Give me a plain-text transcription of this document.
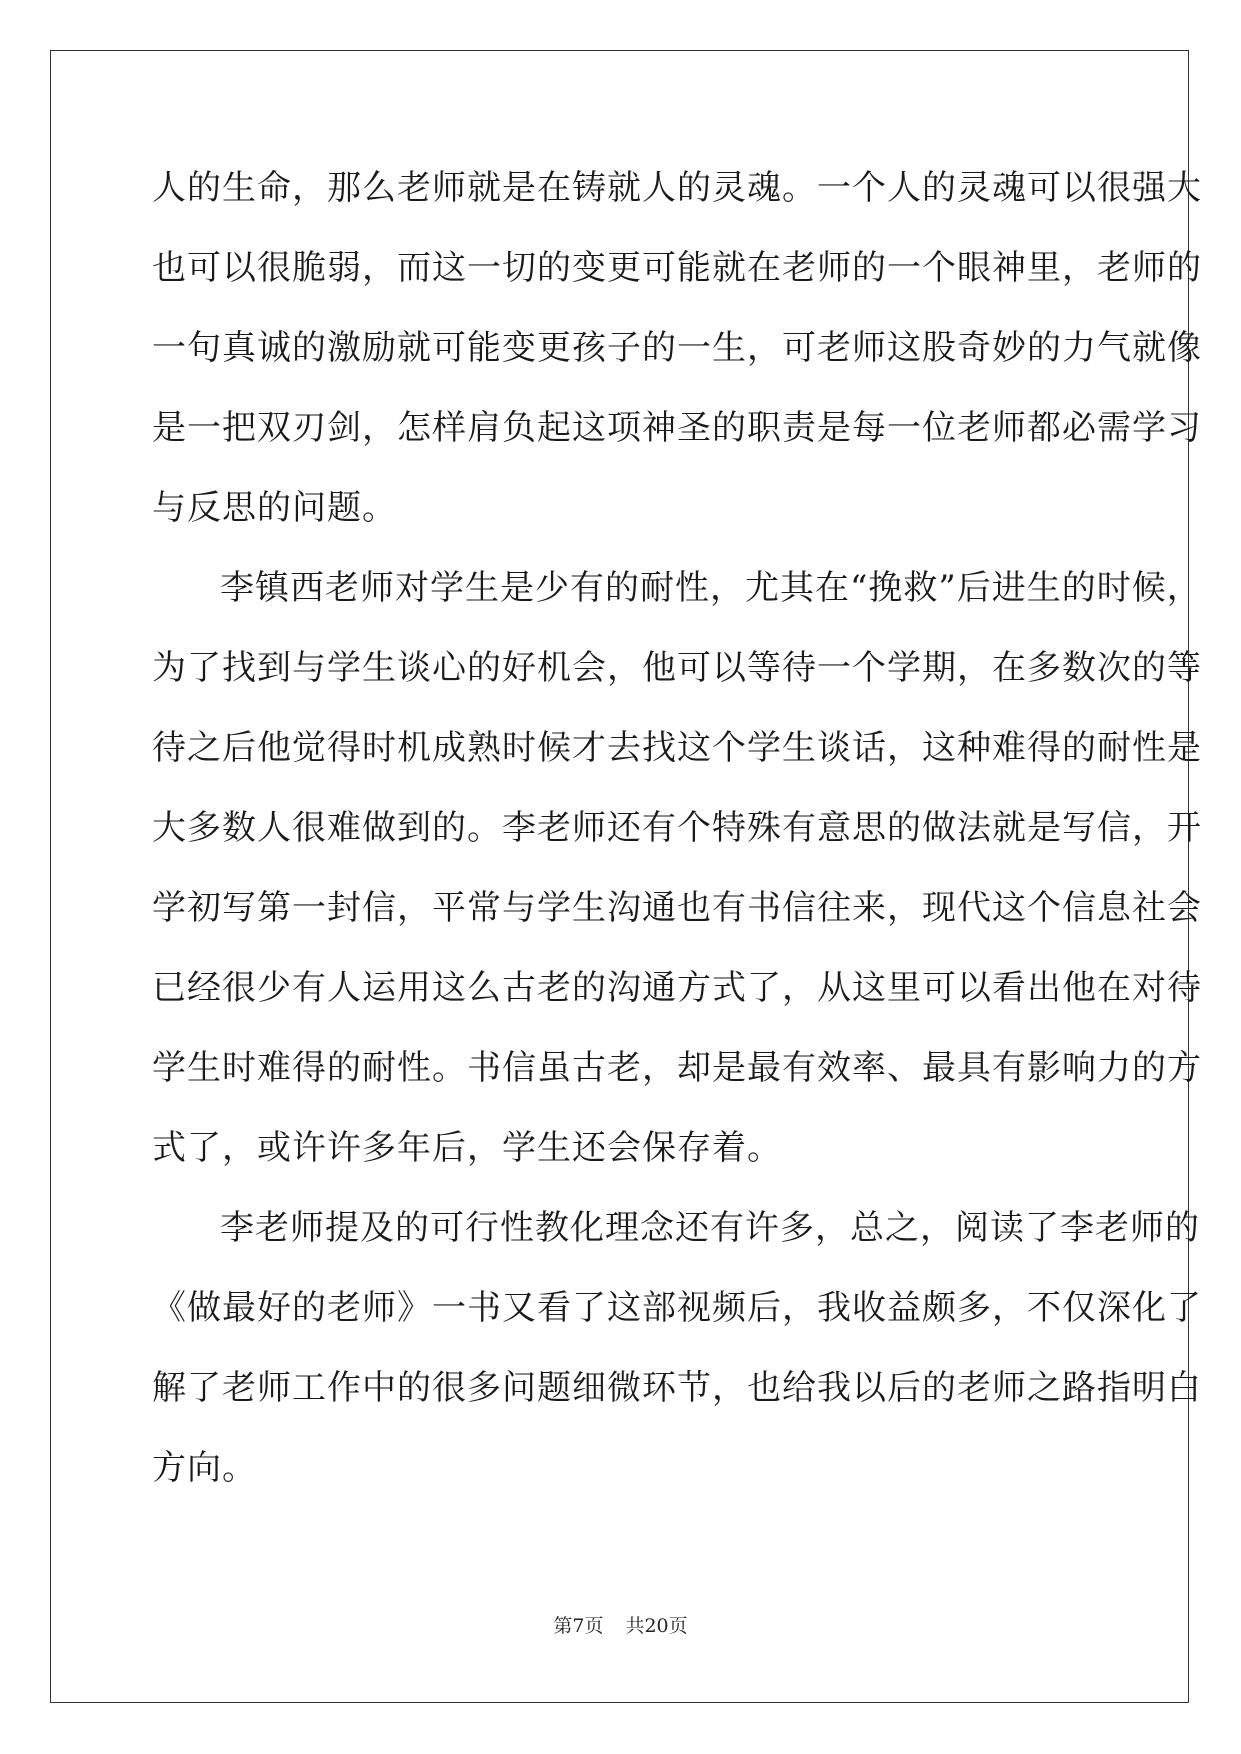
人的生命，那么老师就是在铸就人的灵魂。一个人的灵魂可以很强大
也可以很脆弱，而这一切的变更可能就在老师的一个眼神里，老师的
一句真诚的激励就可能变更孩子的一生，可老师这股奇妙的力气就像
是一把双刃剑，怎样肩负起这项神圣的职责是每一位老师都必需学习
与反思的问题。
李镇西老师对学生是少有的耐性，尤其在“挽救”后进生的时候，
为了找到与学生谈心的好机会，他可以等待一个学期，在多数次的等
待之后他觉得时机成熟时候才去找这个学生谈话，这种难得的耐性是
大多数人很难做到的。李老师还有个特殊有意思的做法就是写信，开
学初写第一封信，平常与学生沟通也有书信往来，现代这个信息社会
已经很少有人运用这么古老的沟通方式了，从这里可以看出他在对待
学生时难得的耐性。书信虽古老，却是最有效率、最具有影响力的方
式了，或许许多年后，学生还会保存着。
李老师提及的可行性教化理念还有许多，总之，阅读了李老师的
《做最好的老师》一书又看了这部视频后，我收益颇多，不仅深化了
解了老师工作中的很多问题细微环节，也给我以后的老师之路指明白
方向。
第7页 共20页
